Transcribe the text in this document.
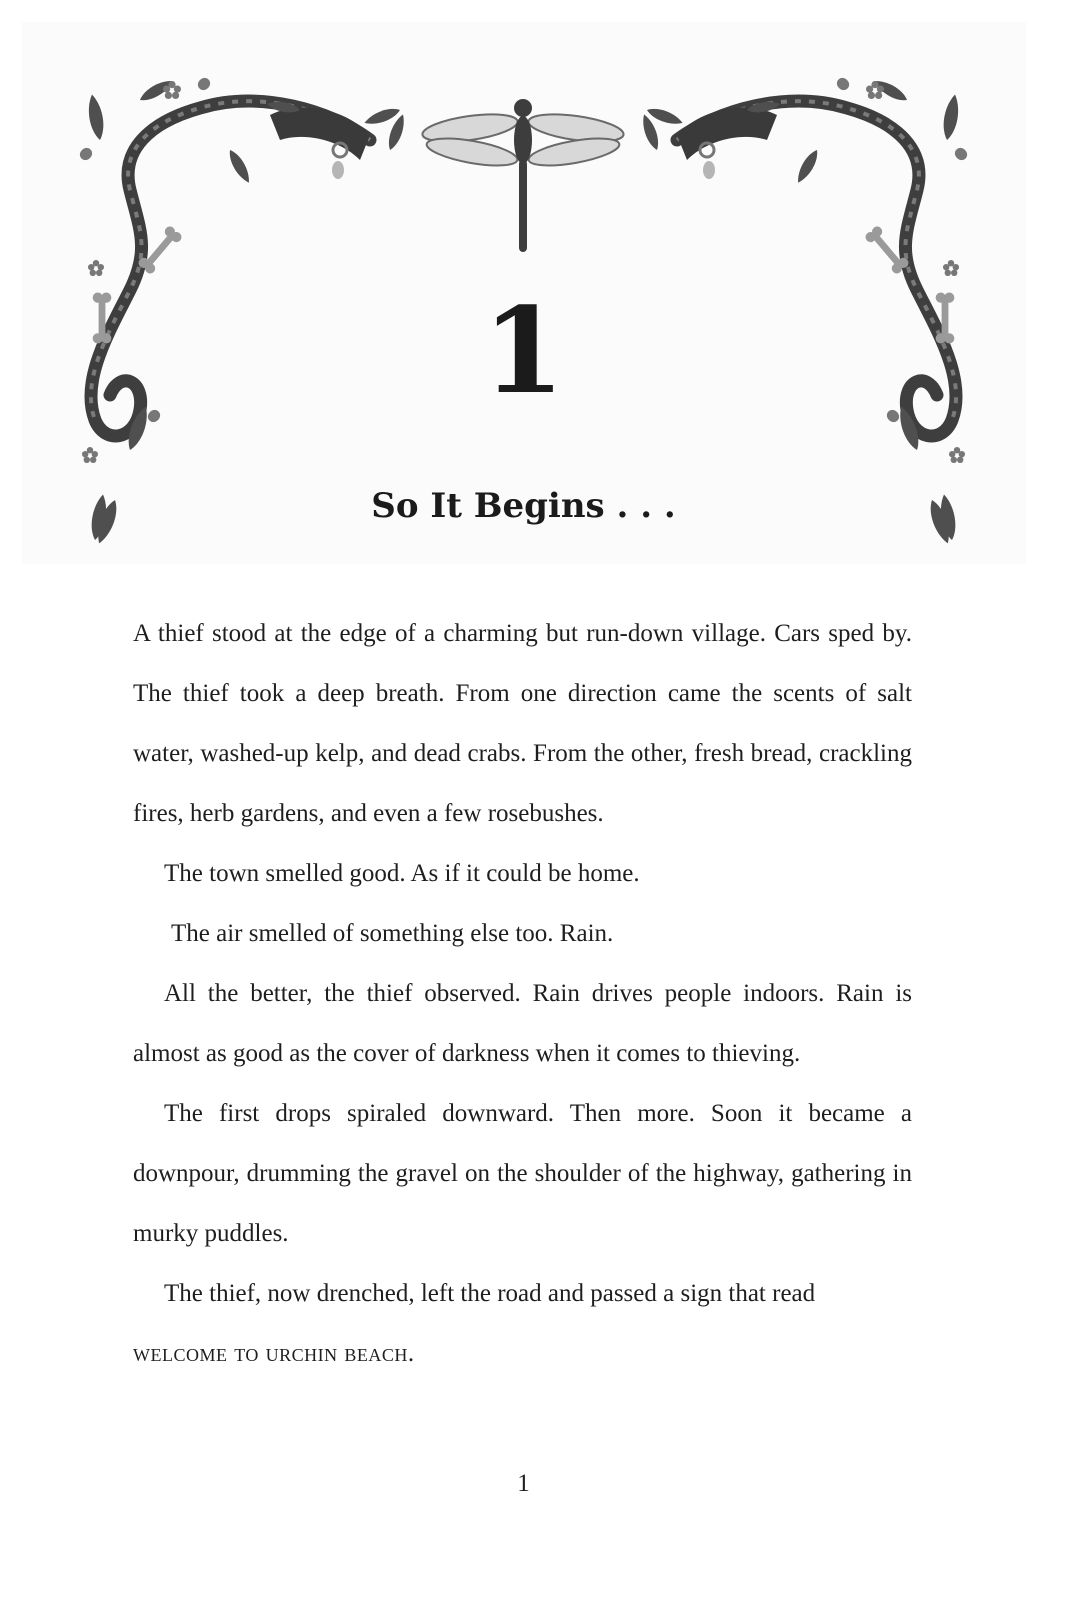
1
So It Begins . . .

A thief stood at the edge of a charming but run-down village. Cars sped by. The thief took a deep breath. From one direction came the scents of salt water, washed-up kelp, and dead crabs. From the other, fresh bread, crackling fires, herb gardens, and even a few rosebushes.

The town smelled good. As if it could be home.

The air smelled of something else too. Rain.

All the better, the thief observed. Rain drives people indoors. Rain is almost as good as the cover of darkness when it comes to thieving.

The first drops spiraled downward. Then more. Soon it became a downpour, drumming the gravel on the shoulder of the highway, gathering in murky puddles.

The thief, now drenched, left the road and passed a sign that read

welcome to urchin beach.

1
